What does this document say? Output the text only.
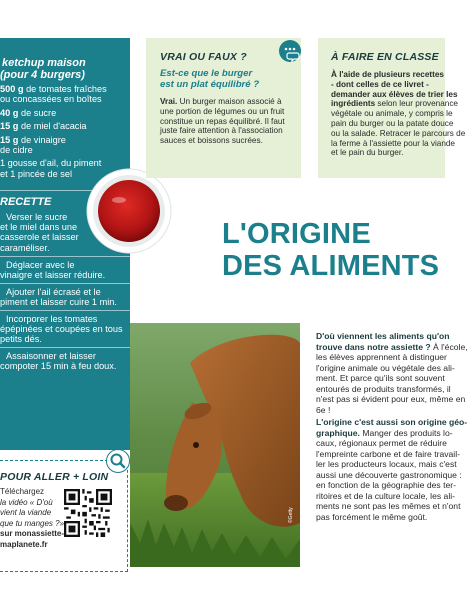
ketchup maison
(pour 4 burgers)
500 g de tomates fraîches
ou concassées en boîtes
40 g de sucre
15 g de miel d'acacia
15 g de vinaigre
de cidre
1 gousse d'ail, du piment
et 1 pincée de sel
RECETTE
Verser le sucre
et le miel dans une
casserole et laisser
caraméliser.
Déglacer avec le
vinaigre et laisser réduire.
Ajouter l'ail écrasé et le
piment et laisser cuire 1 min.
Incorporer les tomates
épépinées et coupées en tous
petits dés.
Assaisonner et laisser
compoter 15 min à feu doux.
VRAI OU FAUX ?
Est-ce que le burger
est un plat équilibré ?
Vrai. Un burger maison associé à
une portion de légumes ou un fruit
constitue un repas équilibré. Il faut
juste faire attention à l'association
sauces et boissons sucrées.
À FAIRE EN CLASSE
À l'aide de plusieurs recettes
- dont celles de ce livret -
demander aux élèves de trier les
ingrédients selon leur provenance
végétale ou animale, y compris le
pain du burger ou la patate douce
ou la salade. Retracer le parcours de
la ferme à l'assiette pour la viande
et le pain du burger.
L'ORIGINE
DES ALIMENTS
©Getty
D'où viennent les aliments qu'on
trouve dans notre assiette ? À l'école,
les élèves apprennent à distinguer
l'origine animale ou végétale des ali-
ment. Et parce qu'ils sont souvent
entourés de produits transformés, il
n'est pas si évident pour eux, même en
6e !
L'origine c'est aussi son origine géo-
graphique. Manger des produits lo-
caux, régionaux permet de réduire
l'empreinte carbone et de faire travail-
ler les producteurs locaux, mais c'est
aussi une découverte gastronomique :
en fonction de la géographie des ter-
ritoires et de la culture locale, les ali-
ments ne sont pas les mêmes et n'ont
pas forcément le même goût.
POUR ALLER + LOIN
Téléchargez
la vidéo « D'où
vient la viande
que tu manges ?»
sur monassiette-
maplanete.fr
